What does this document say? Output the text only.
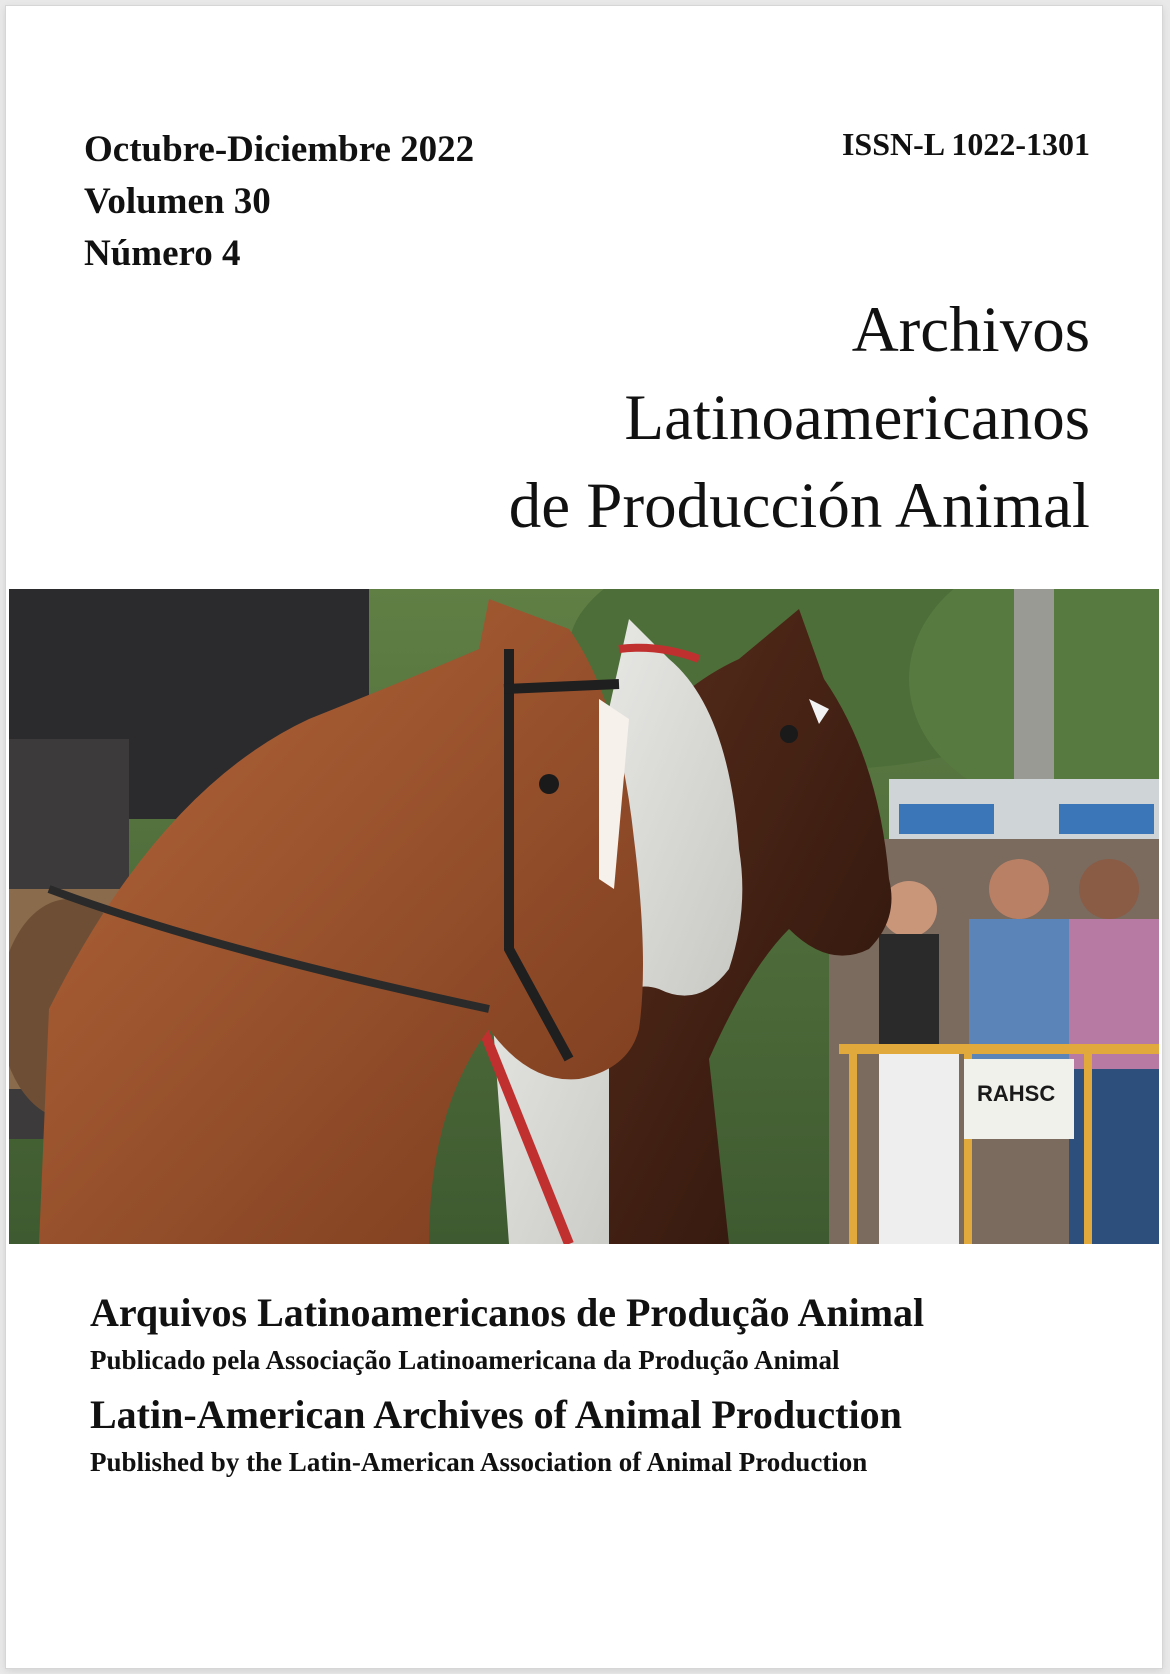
Octubre-Diciembre 2022
Volumen 30
Número 4
ISSN-L 1022-1301
Archivos
Latinoamericanos
de Producción Animal
RAHSC
Arquivos Latinoamericanos de Produção Animal
Publicado pela Associação Latinoamericana da Produção Animal
Latin-American Archives of Animal Production
Published by the Latin-American Association of Animal Production
